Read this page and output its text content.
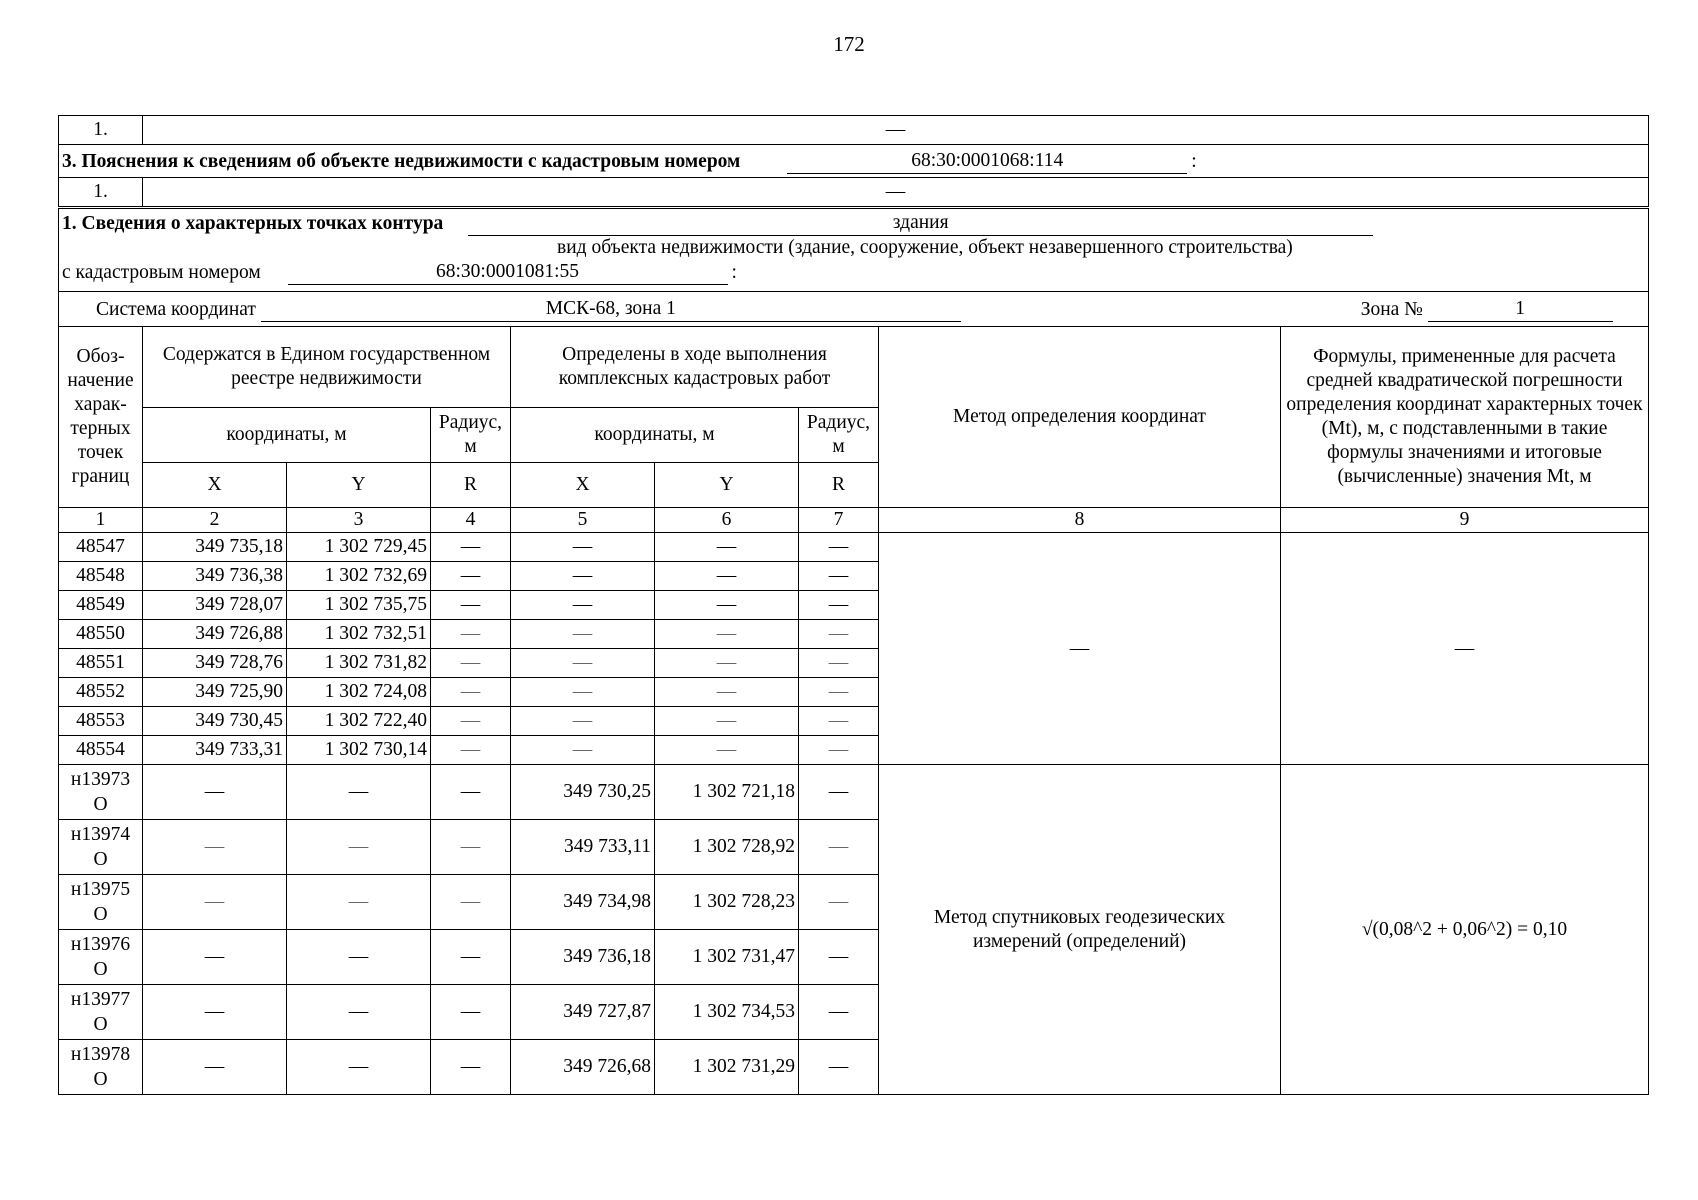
172
1.	—							
3. Пояснения к сведениям об объекте недвижимости с кадастровым номером 68:30:0001068:114 :								
1.	—							

1. Сведения о характерных точках контура здания
вид объекта недвижимости (здание, сооружение, объект незавершенного строительства)
с кадастровым номером 68:30:0001081:55 :								

Система координат МСК-68, зона 1 Зона № 1								
Обоз-начение харак-терных точек границ	Содержатся в Едином государственном реестре недвижимости			Определены в ходе выполнения комплексных кадастровых работ			Метод определения координат	Формулы, примененные для расчета средней квадратической погрешности определения координат характерных точек (Mt), м, с подставленными в такие формулы значениями и итоговые (вычисленные) значения Mt, м
	координаты, м		Радиус, м	координаты, м		Радиус, м		
	X	Y	R	X	Y	R		
1	2	3	4	5	6	7	8	9
48547	349 735,18	1 302 729,45	—	—	—	—	—	—
48548	349 736,38	1 302 732,69	—	—	—	—		
48549	349 728,07	1 302 735,75	—	—	—	—		
48550	349 726,88	1 302 732,51	—	—	—	—		
48551	349 728,76	1 302 731,82	—	—	—	—		
48552	349 725,90	1 302 724,08	—	—	—	—		
48553	349 730,45	1 302 722,40	—	—	—	—		
48554	349 733,31	1 302 730,14	—	—	—	—		
н13973 О	—	—	—	349 730,25	1 302 721,18	—	Метод спутниковых геодезических измерений (определений)	√(0,08^2 + 0,06^2) = 0,10
н13974 О	—	—	—	349 733,11	1 302 728,92	—		
н13975 О	—	—	—	349 734,98	1 302 728,23	—		
н13976 О	—	—	—	349 736,18	1 302 731,47	—		
н13977 О	—	—	—	349 727,87	1 302 734,53	—		
н13978 О	—	—	—	349 726,68	1 302 731,29	—		
